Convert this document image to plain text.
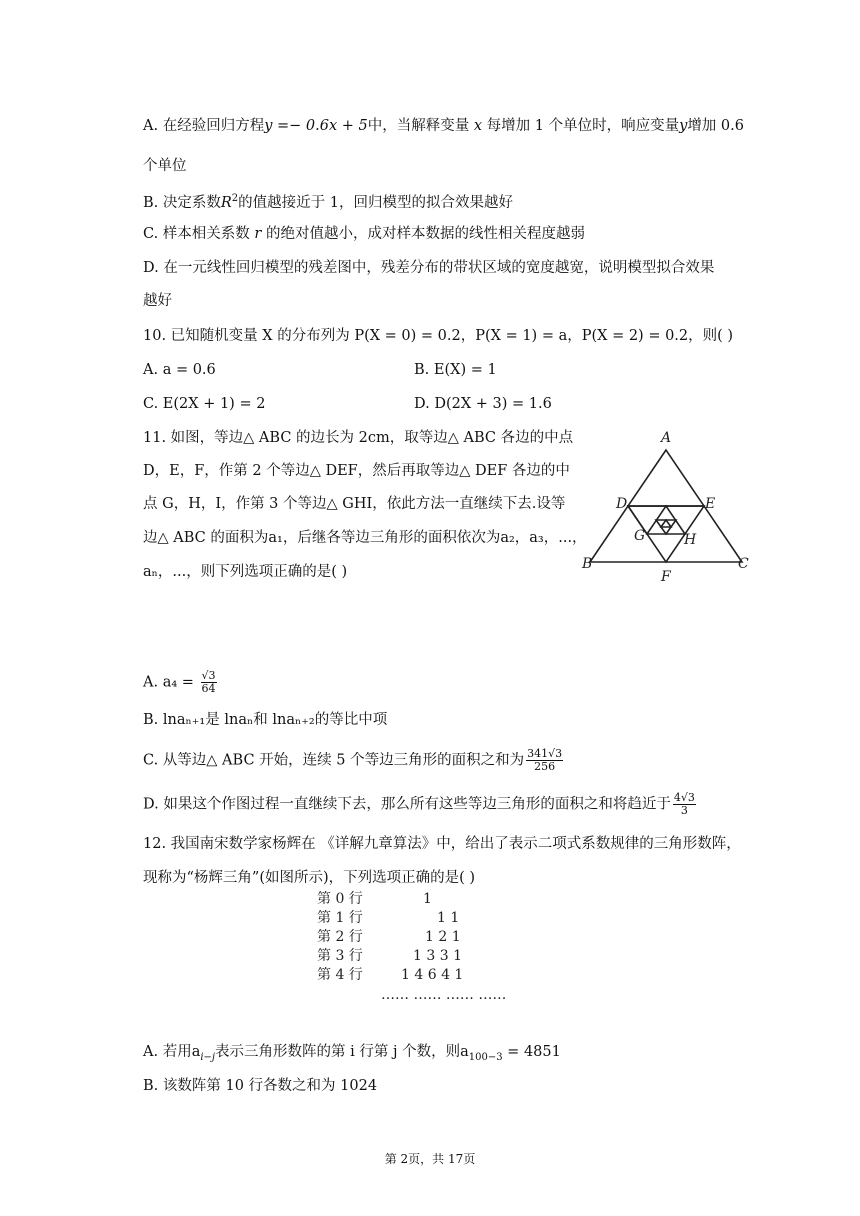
A. 在经验回归方程y =− 0.6x + 5中，当解释变量 x 每增加 1 个单位时，响应变量y增加 0.6
个单位
B. 决定系数$R^2$的值越接近于 1，回归模型的拟合效果越好
C. 样本相关系数 r 的绝对值越小，成对样本数据的线性相关程度越弱
D. 在一元线性回归模型的残差图中，残差分布的带状区域的宽度越宽，说明模型拟合效果
越好
10. 已知随机变量 X 的分布列为 P(X = 0) = 0.2，P(X = 1) = a，P(X = 2) = 0.2，则( )
A. a = 0.6	B. E(X) = 1
C. E(2X + 1) = 2	D. D(2X + 3) = 1.6
11. 如图，等边△ ABC 的边长为 2cm，取等边△ ABC 各边的中点
D，E，F，作第 2 个等边△ DEF，然后再取等边△ DEF 各边的中
点 G，H，I，作第 3 个等边△ GHI，依此方法一直继续下去.设等
边△ ABC 的面积为a₁，后继各等边三角形的面积依次为a₂，a₃，...，
aₙ，...，则下列选项正确的是( )
A
B	C
D	E
F
G	H
A. $a_4 = \frac{√3}{64}$
B. lnaₙ₊₁是 lnaₙ和 lnaₙ₊₂的等比中项
C. 从等边△ ABC 开始，连续 5 个等边三角形的面积之和为 $\frac{341√3}{256}$
D. 如果这个作图过程一直继续下去，那么所有这些等边三角形的面积之和将趋近于 $\frac{4√3}{3}$
12. 我国南宋数学家杨辉在 《详解九章算法》中，给出了表示二项式系数规律的三角形数阵，
现称为“杨辉三角”(如图所示)，下列选项正确的是( )
第 0 行	1
第 1 行	1 1
第 2 行	1 2 1
第 3 行	1 3 3 1
第 4 行	1 4 6 4 1
…… …… …… ……
A. 若用$a_{i-j}$表示三角形数阵的第 i 行第 j 个数，则$a_{100-3} = 4851$
B. 该数阵第 10 行各数之和为 1024
第 2页，共 17页
